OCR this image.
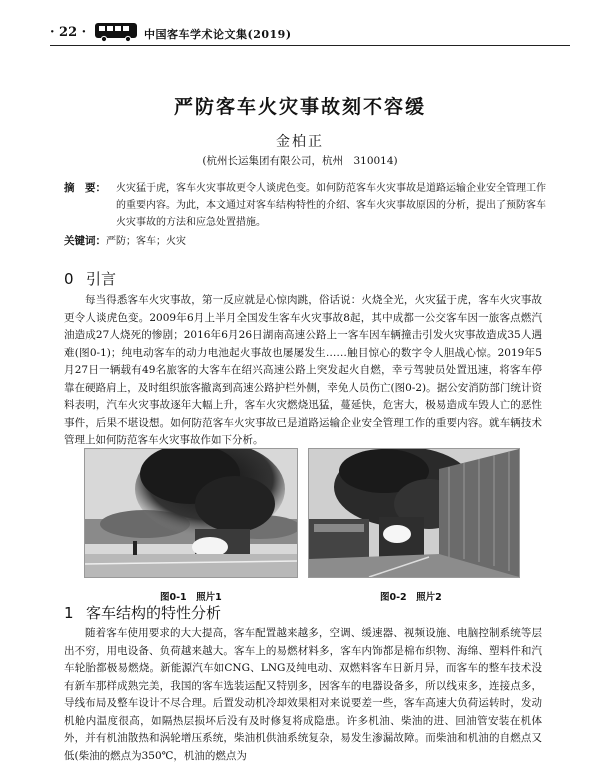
· 22 ·	中国客车学术论文集(2019)
严防客车火灾事故刻不容缓
金柏正
(杭州长运集团有限公司，杭州　310014)
摘　要： 火灾猛于虎，客车火灾事故更令人谈虎色变。如何防范客车火灾事故是道路运输企业安全管理工作的重要内容。为此，本文通过对客车结构特性的介绍、客车火灾事故原因的分析，提出了预防客车火灾事故的方法和应急处置措施。
关键词：严防；客车；火灾
0 引言
每当得悉客车火灾事故，第一反应就是心惊肉跳，俗话说：火烧全光，火灾猛于虎，客车火灾事故更令人谈虎色变。2009年6月上半月全国发生客车火灾事故8起，其中成都一公交客车因一旅客点燃汽油造成27人烧死的惨剧；2016年6月26日湖南高速公路上一客车因车辆撞击引发火灾事故造成35人遇难(图0-1)；纯电动客车的动力电池起火事故也屡屡发生……触目惊心的数字令人胆战心惊。2019年5月27日一辆载有49名旅客的大客车在绍兴高速公路上突发起火自燃，幸亏驾驶员处置迅速，将客车停靠在硬路肩上，及时组织旅客撤离到高速公路护栏外侧，幸免人员伤亡(图0-2)。据公安消防部门统计资料表明，汽车火灾事故逐年大幅上升，客车火灾燃烧迅猛，蔓延快，危害大，极易造成车毁人亡的恶性事件，后果不堪设想。如何防范客车火灾事故已是道路运输企业安全管理工作的重要内容。就车辆技术管理上如何防范客车火灾事故作如下分析。
图0-1　照片1	图0-2　照片2
1 客车结构的特性分析
随着客车使用要求的大大提高，客车配置越来越多，空调、缓速器、视频设施、电脑控制系统等层出不穷，用电设备、负荷越来越大。客车上的易燃材料多，客车内饰都是棉布织物、海绵、塑料件和汽车轮胎都极易燃烧。新能源汽车如CNG、LNG及纯电动、双燃料客车日新月异，而客车的整车技术没有新车那样成熟完美，我国的客车选装运配又特别多，因客车的电器设备多，所以线束多，连接点多，导线布局及整车设计不尽合理。后置发动机冷却效果相对来说要差一些，客车高速大负荷运转时，发动机舱内温度很高，如隔热层损坏后没有及时修复将成隐患。许多机油、柴油的进、回油管安装在机体外，并有机油散热和涡轮增压系统，柴油机供油系统复杂，易发生渗漏故障。而柴油和机油的自燃点又低(柴油的燃点为350℃，机油的燃点为
